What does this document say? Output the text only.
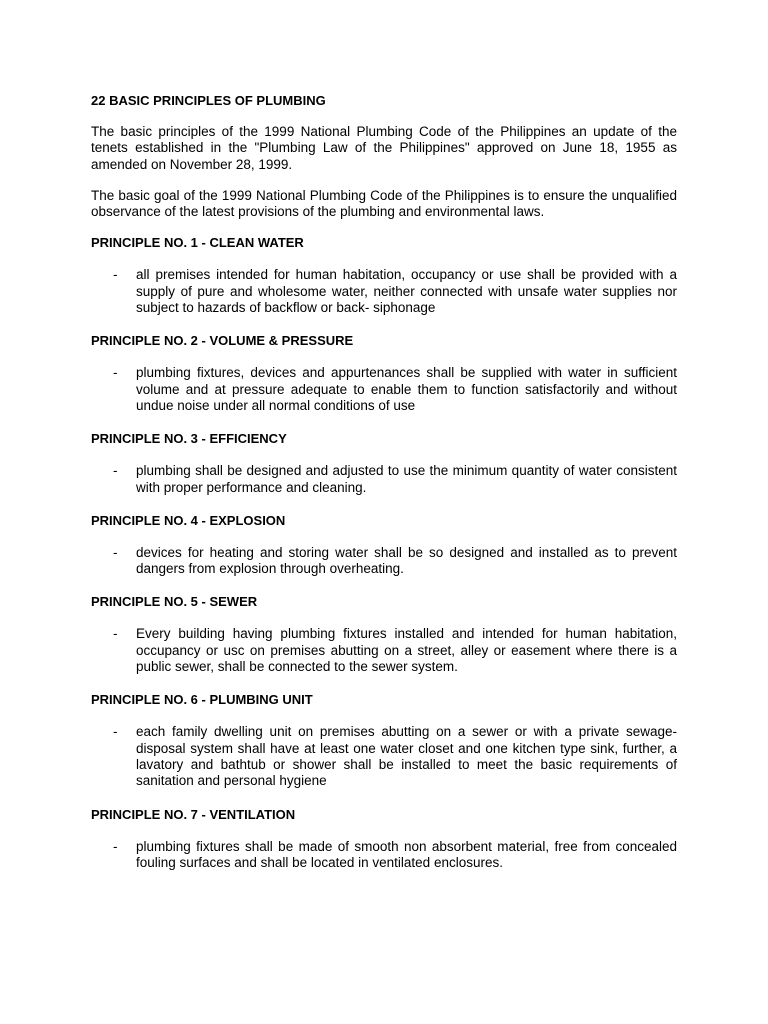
22 BASIC PRINCIPLES OF PLUMBING

The basic principles of the 1999 National Plumbing Code of the Philippines an update of the tenets established in the "Plumbing Law of the Philippines" approved on June 18, 1955 as amended on November 28, 1999.

The basic goal of the 1999 National Plumbing Code of the Philippines is to ensure the unqualified observance of the latest provisions of the plumbing and environmental laws.

PRINCIPLE NO. 1 - CLEAN WATER
-	all premises intended for human habitation, occupancy or use shall be provided with a supply of pure and wholesome water, neither connected with unsafe water supplies nor subject to hazards of backflow or back- siphonage
PRINCIPLE NO. 2 - VOLUME & PRESSURE
-	plumbing fixtures, devices and appurtenances shall be supplied with water in sufficient volume and at pressure adequate to enable them to function satisfactorily and without undue noise under all normal conditions of use
PRINCIPLE NO. 3 - EFFICIENCY
-	plumbing shall be designed and adjusted to use the minimum quantity of water consistent with proper performance and cleaning.
PRINCIPLE NO. 4 - EXPLOSION
-	devices for heating and storing water shall be so designed and installed as to prevent dangers from explosion through overheating.
PRINCIPLE NO. 5 - SEWER
-	Every building having plumbing fixtures installed and intended for human habitation, occupancy or usc on premises abutting on a street, alley or easement where there is a public sewer, shall be connected to the sewer system.
PRINCIPLE NO. 6 - PLUMBING UNIT
-	each family dwelling unit on premises abutting on a sewer or with a private sewage-disposal system shall have at least one water closet and one kitchen type sink, further, a lavatory and bathtub or shower shall be installed to meet the basic requirements of sanitation and personal hygiene
PRINCIPLE NO. 7 - VENTILATION
-	plumbing fixtures shall be made of smooth non absorbent material, free from concealed fouling surfaces and shall be located in ventilated enclosures.
